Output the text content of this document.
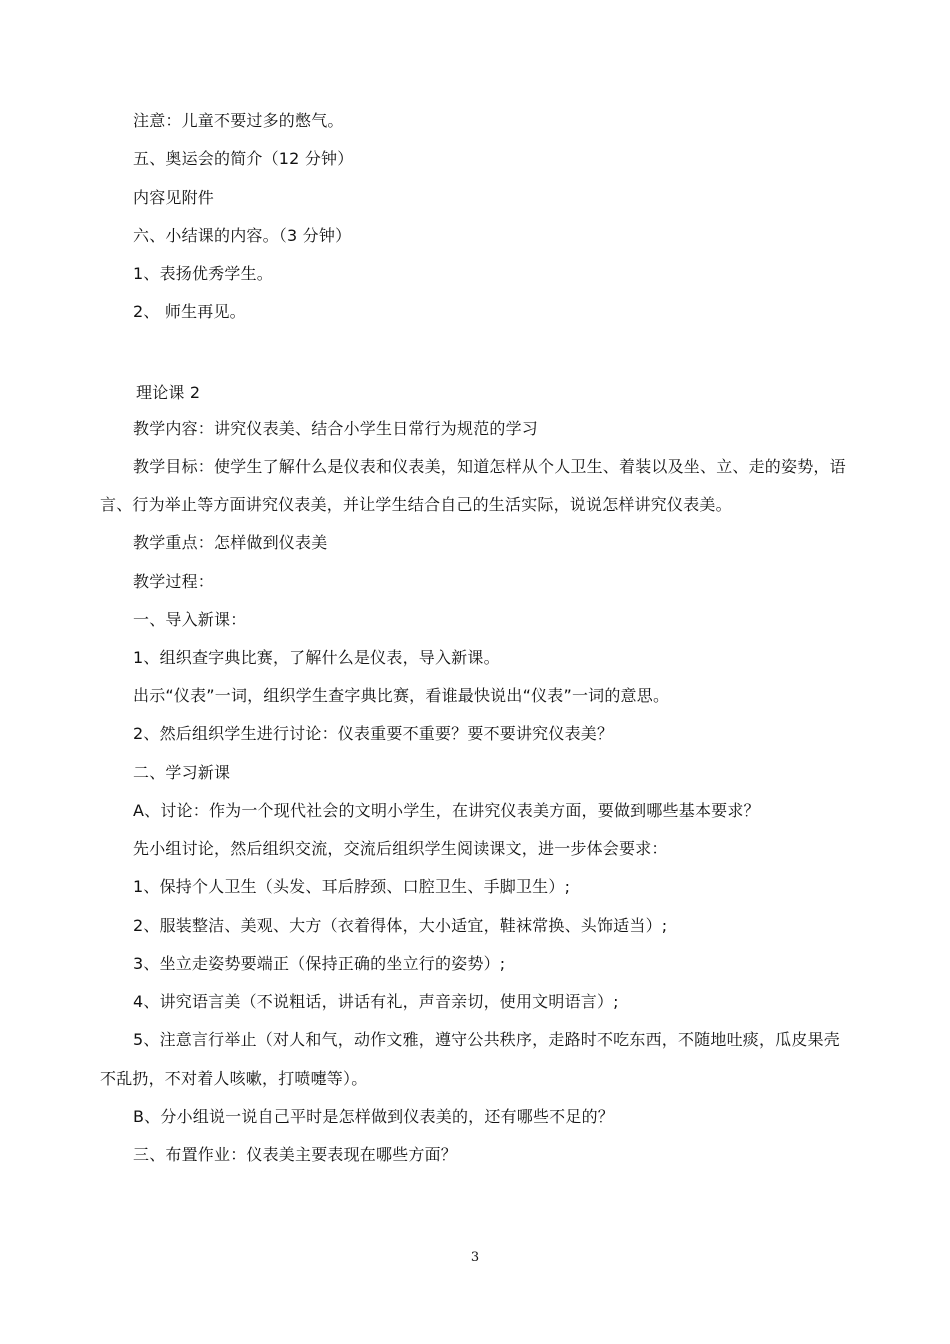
注意：儿童不要过多的憋气。
五、奥运会的简介（12 分钟）
内容见附件
六、小结课的内容。（3 分钟）
1、表扬优秀学生。
2、 师生再见。
理论课 2
教学内容：讲究仪表美、结合小学生日常行为规范的学习
教学目标：使学生了解什么是仪表和仪表美，知道怎样从个人卫生、着装以及坐、立、走的姿势，语
言、行为举止等方面讲究仪表美，并让学生结合自己的生活实际，说说怎样讲究仪表美。
教学重点：怎样做到仪表美
教学过程：
一、导入新课：
1、组织查字典比赛，了解什么是仪表，导入新课。
出示“仪表”一词，组织学生查字典比赛，看谁最快说出“仪表”一词的意思。
2、然后组织学生进行讨论：仪表重要不重要？要不要讲究仪表美？
二、学习新课
A、讨论：作为一个现代社会的文明小学生，在讲究仪表美方面，要做到哪些基本要求？
先小组讨论，然后组织交流，交流后组织学生阅读课文，进一步体会要求：
1、保持个人卫生（头发、耳后脖颈、口腔卫生、手脚卫生）;
2、服装整洁、美观、大方（衣着得体，大小适宜，鞋袜常换、头饰适当）;
3、坐立走姿势要端正（保持正确的坐立行的姿势）;
4、讲究语言美（不说粗话，讲话有礼，声音亲切，使用文明语言）;
5、注意言行举止（对人和气，动作文雅，遵守公共秩序，走路时不吃东西，不随地吐痰，瓜皮果壳
不乱扔，不对着人咳嗽，打喷嚏等）。
B、分小组说一说自己平时是怎样做到仪表美的，还有哪些不足的？
三、布置作业：仪表美主要表现在哪些方面？
3
